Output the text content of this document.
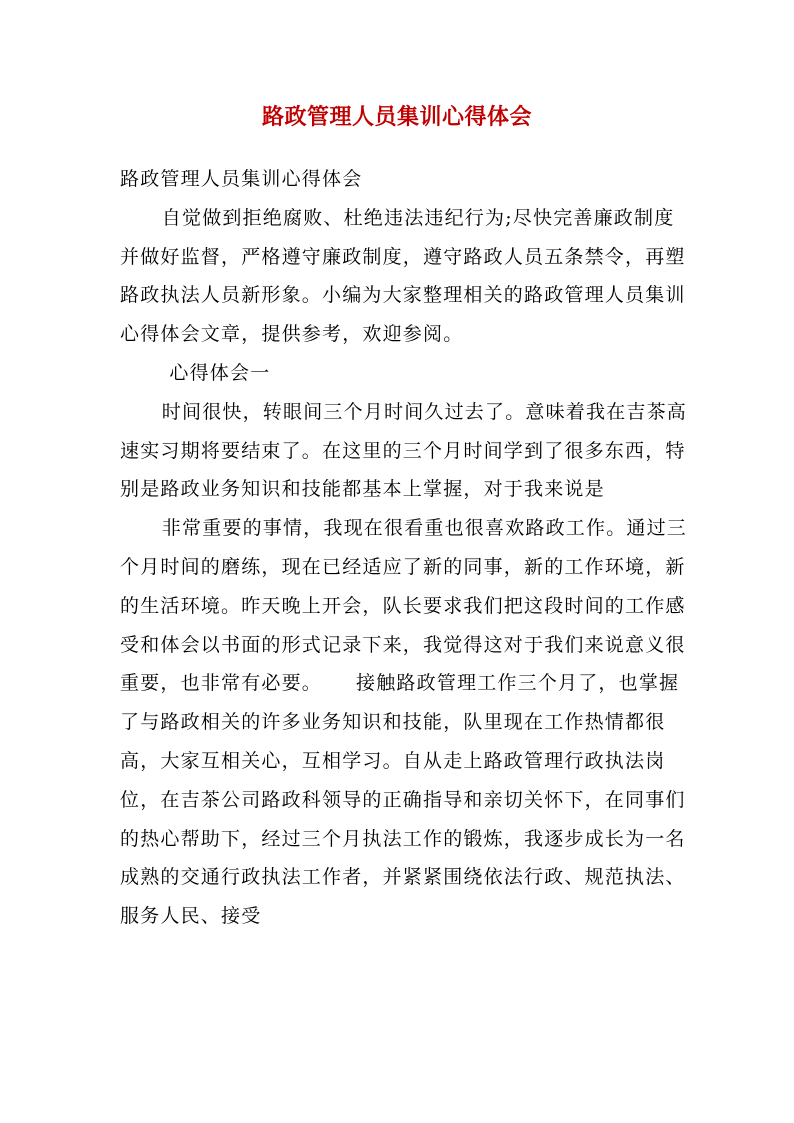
路政管理人员集训心得体会

路政管理人员集训心得体会

自觉做到拒绝腐败、杜绝违法违纪行为;尽快完善廉政制度并做好监督，严格遵守廉政制度，遵守路政人员五条禁令，再塑路政执法人员新形象。小编为大家整理相关的路政管理人员集训心得体会文章，提供参考，欢迎参阅。

心得体会一

时间很快，转眼间三个月时间久过去了。意味着我在吉茶高速实习期将要结束了。在这里的三个月时间学到了很多东西，特别是路政业务知识和技能都基本上掌握，对于我来说是

非常重要的事情，我现在很看重也很喜欢路政工作。通过三个月时间的磨练，现在已经适应了新的同事，新的工作环境，新的生活环境。昨天晚上开会，队长要求我们把这段时间的工作感受和体会以书面的形式记录下来，我觉得这对于我们来说意义很重要，也非常有必要。 接触路政管理工作三个月了，也掌握了与路政相关的许多业务知识和技能，队里现在工作热情都很高，大家互相关心，互相学习。自从走上路政管理行政执法岗位，在吉茶公司路政科领导的正确指导和亲切关怀下，在同事们的热心帮助下，经过三个月执法工作的锻炼，我逐步成长为一名成熟的交通行政执法工作者，并紧紧围绕依法行政、规范执法、服务人民、接受
